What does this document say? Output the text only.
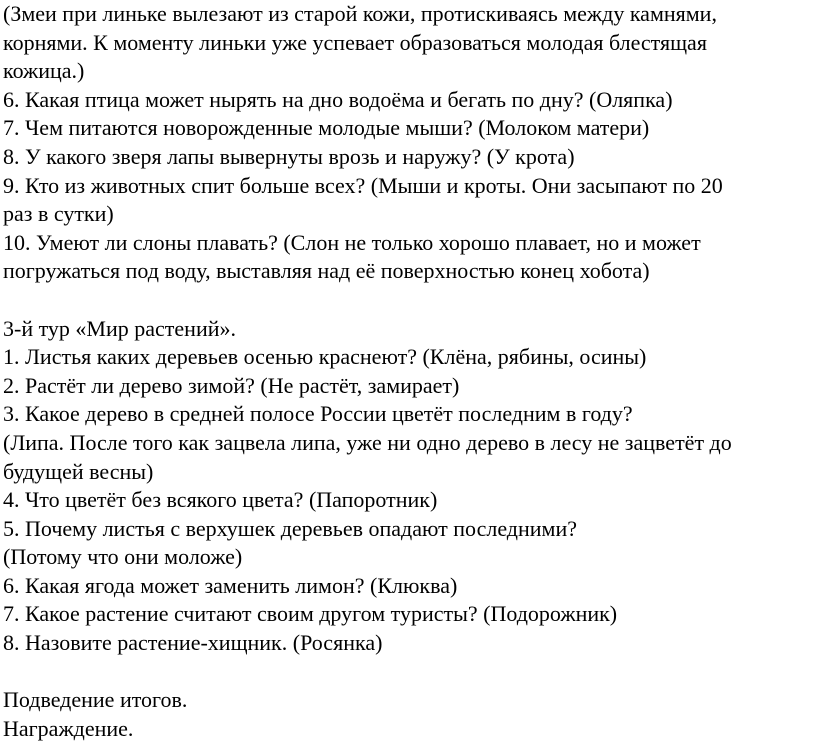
(Змеи при линьке вылезают из старой кожи, протискиваясь между камнями,
корнями. К моменту линьки уже успевает образоваться молодая блестящая
кожица.)
6. Какая птица может нырять на дно водоёма и бегать по дну? (Оляпка)
7. Чем питаются новорожденные молодые мыши? (Молоком матери)
8. У какого зверя лапы вывернуты врозь и наружу? (У крота)
9. Кто из животных спит больше всех? (Мыши и кроты. Они засыпают по 20
раз в сутки)
10. Умеют ли слоны плавать? (Слон не только хорошо плавает, но и может
погружаться под воду, выставляя над её поверхностью конец хобота)
3-й тур «Мир растений».
1. Листья каких деревьев осенью краснеют? (Клёна, рябины, осины)
2. Растёт ли дерево зимой? (Не растёт, замирает)
3. Какое дерево в средней полосе России цветёт последним в году?
(Липа. После того как зацвела липа, уже ни одно дерево в лесу не зацветёт до
будущей весны)
4. Что цветёт без всякого цвета? (Папоротник)
5. Почему листья с верхушек деревьев опадают последними?
(Потому что они моложе)
6. Какая ягода может заменить лимон? (Клюква)
7. Какое растение считают своим другом туристы? (Подорожник)
8. Назовите растение-хищник. (Росянка)
Подведение итогов.
Награждение.
